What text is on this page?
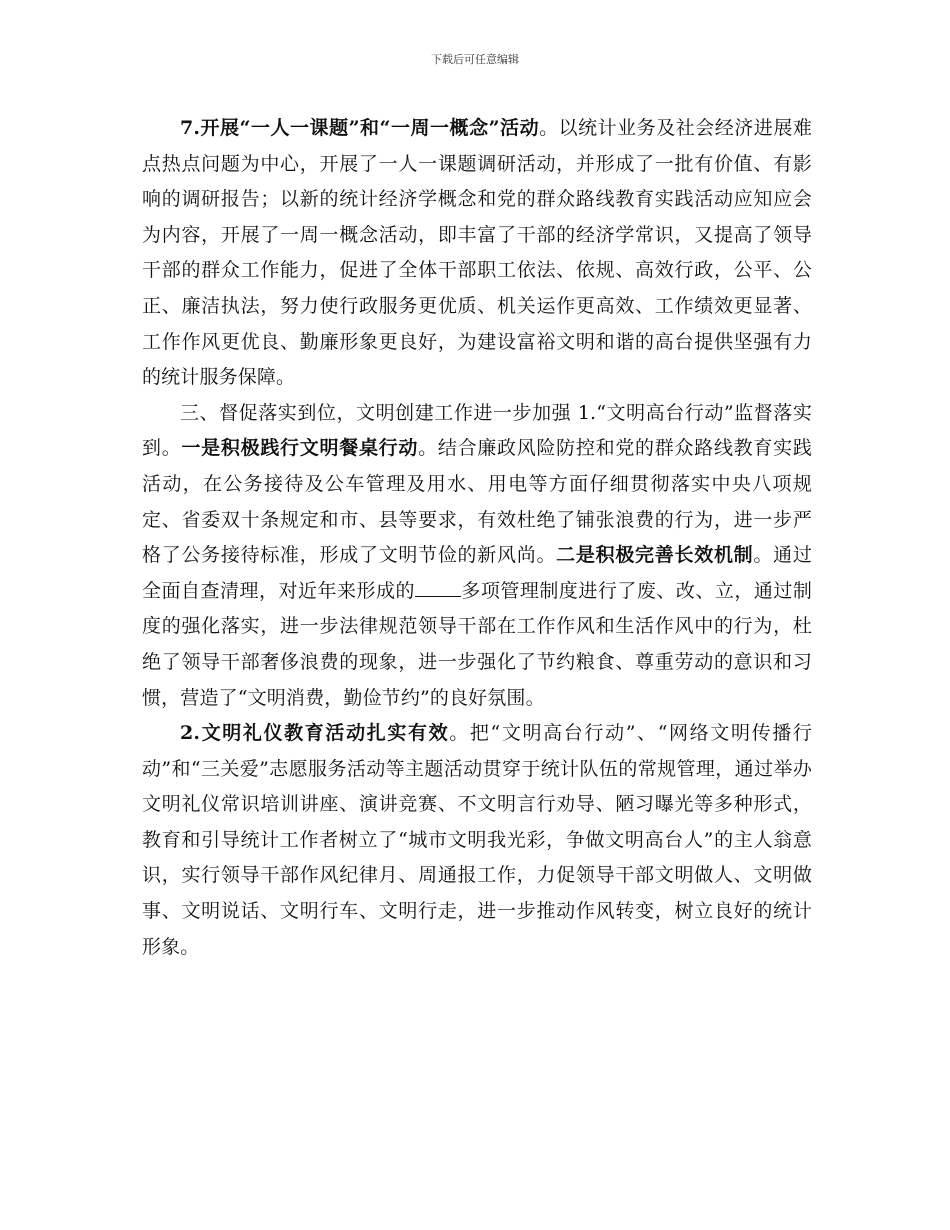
下载后可任意编辑

7.开展“一人一课题”和“一周一概念”活动。以统计业务及社会经济进展难点热点问题为中心，开展了一人一课题调研活动，并形成了一批有价值、有影响的调研报告；以新的统计经济学概念和党的群众路线教育实践活动应知应会为内容，开展了一周一概念活动，即丰富了干部的经济学常识，又提高了领导干部的群众工作能力，促进了全体干部职工依法、依规、高效行政，公平、公正、廉洁执法，努力使行政服务更优质、机关运作更高效、工作绩效更显著、工作作风更优良、勤廉形象更良好，为建设富裕文明和谐的高台提供坚强有力的统计服务保障。

三、督促落实到位，文明创建工作进一步加强 1.“文明高台行动”监督落实到。一是积极践行文明餐桌行动。结合廉政风险防控和党的群众路线教育实践活动，在公务接待及公车管理及用水、用电等方面仔细贯彻落实中央八项规定、省委双十条规定和市、县等要求，有效杜绝了铺张浪费的行为，进一步严格了公务接待标准，形成了文明节俭的新风尚。二是积极完善长效机制。通过全面自查清理，对近年来形成的 多项管理制度进行了废、改、立，通过制度的强化落实，进一步法律规范领导干部在工作作风和生活作风中的行为，杜绝了领导干部奢侈浪费的现象，进一步强化了节约粮食、尊重劳动的意识和习惯，营造了“文明消费，勤俭节约”的良好氛围。

2.文明礼仪教育活动扎实有效。把“文明高台行动”、“网络文明传播行动”和“三关爱”志愿服务活动等主题活动贯穿于统计队伍的常规管理，通过举办文明礼仪常识培训讲座、演讲竞赛、不文明言行劝导、陋习曝光等多种形式，教育和引导统计工作者树立了“城市文明我光彩，争做文明高台人”的主人翁意识，实行领导干部作风纪律月、周通报工作，力促领导干部文明做人、文明做事、文明说话、文明行车、文明行走，进一步推动作风转变，树立良好的统计形象。
